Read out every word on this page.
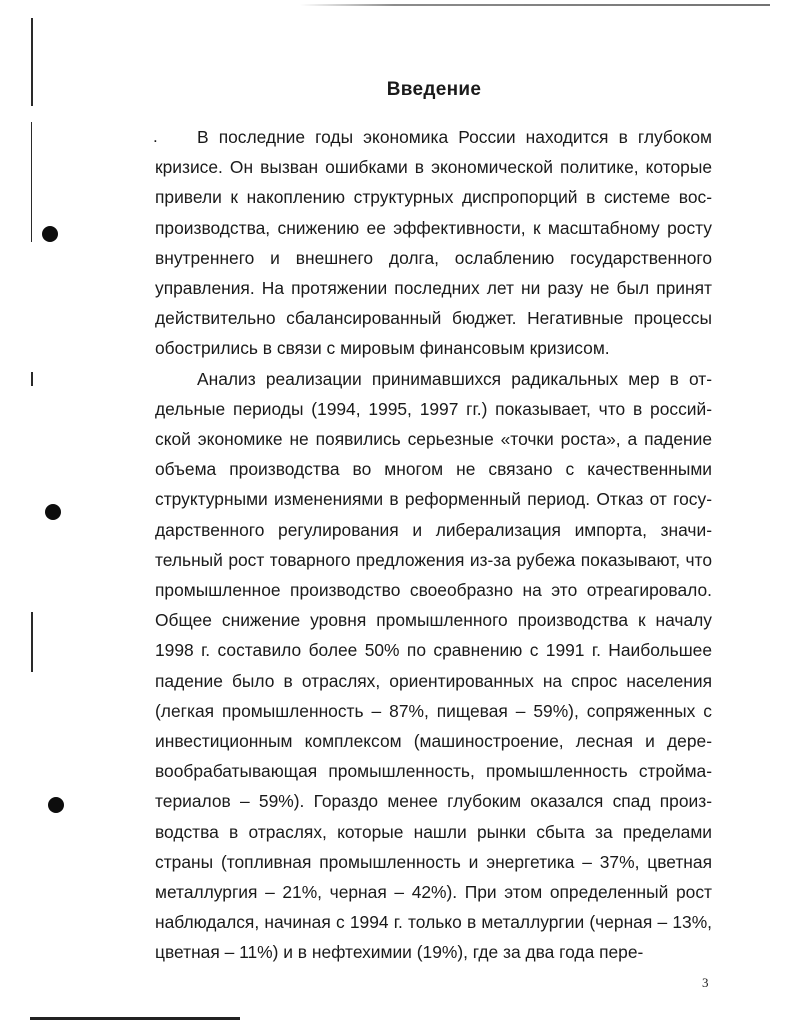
Введение
.	В последние годы экономика России находится в глубоком кризисе. Он вызван ошибками в экономической политике, которые привели к накоплению структурных диспропорций в системе воспроизводства, снижению ее эффективности, к масштабному росту внутреннего и внешнего долга, ослаблению государственного управления. На протяжении последних лет ни разу не был принят действительно сбалансированный бюджет. Негативные процессы обострились в связи с мировым финансовым кризисом.

Анализ реализации принимавшихся радикальных мер в отдельные периоды (1994, 1995, 1997 гг.) показывает, что в российской экономике не появились серьезные «точки роста», а падение объема производства во многом не связано с качественными структурными изменениями в реформенный период. Отказ от государственного регулирования и либерализация импорта, значительный рост товарного предложения из-за рубежа показывают, что промышленное производство своеобразно на это отреагировало. Общее снижение уровня промышленного производства к началу 1998 г. составило более 50% по сравнению с 1991 г. Наибольшее падение было в отраслях, ориентированных на спрос населения (легкая промышленность – 87%, пищевая – 59%), сопряженных с инвестиционным комплексом (машиностроение, лесная и деревообрабатывающая промышленность, промышленность стройматериалов – 59%). Гораздо менее глубоким оказался спад производства в отраслях, которые нашли рынки сбыта за пределами страны (топливная промышленность и энергетика – 37%, цветная металлургия – 21%, черная – 42%). При этом определенный рост наблюдался, начиная с 1994 г. только в металлургии (черная – 13%, цветная – 11%) и в нефтехимии (19%), где за два года пере-

3
